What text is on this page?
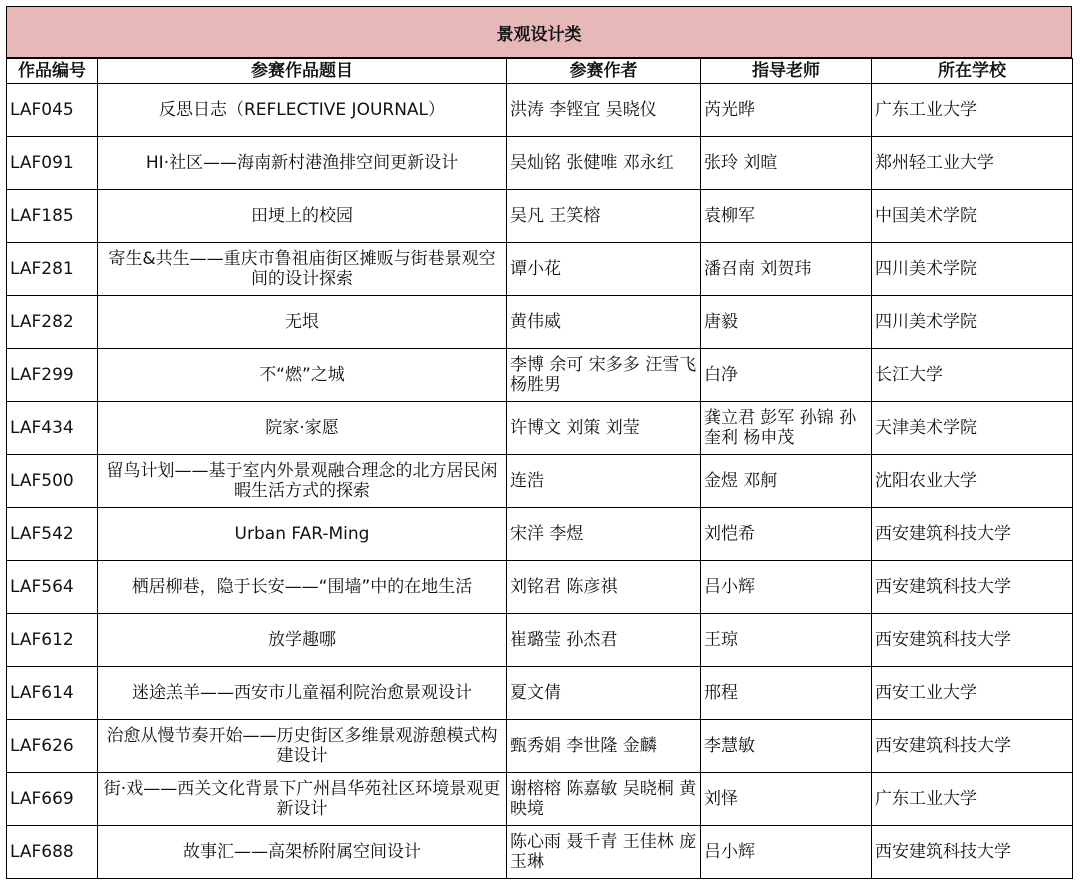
景观设计类
作品编号	参赛作品题目	参赛作者	指导老师	所在学校
LAF045	反思日志（REFLECTIVE JOURNAL）	洪涛 李铿宜 吴晓仪	芮光晔	广东工业大学
LAF091	HI·社区——海南新村港渔排空间更新设计	吴灿铭 张健唯 邓永红	张玲 刘暄	郑州轻工业大学
LAF185	田埂上的校园	吴凡 王笑榕	袁柳军	中国美术学院
LAF281	寄生&共生——重庆市鲁祖庙街区摊贩与街巷景观空间的设计探索	谭小花	潘召南 刘贺玮	四川美术学院
LAF282	无垠	黄伟威	唐毅	四川美术学院
LAF299	不“燃”之城	李博 余可 宋多多 汪雪飞 杨胜男	白净	长江大学
LAF434	院家·家愿	许博文 刘策 刘莹	龚立君 彭军 孙锦 孙奎利 杨申茂	天津美术学院
LAF500	留鸟计划——基于室内外景观融合理念的北方居民闲暇生活方式的探索	连浩	金煜 邓舸	沈阳农业大学
LAF542	Urban FAR-Ming	宋洋 李煜	刘恺希	西安建筑科技大学
LAF564	栖居柳巷，隐于长安——“围墙”中的在地生活	刘铭君 陈彦祺	吕小辉	西安建筑科技大学
LAF612	放学趣哪	崔璐莹 孙杰君	王琼	西安建筑科技大学
LAF614	迷途羔羊——西安市儿童福利院治愈景观设计	夏文倩	邢程	西安工业大学
LAF626	治愈从慢节奏开始——历史街区多维景观游憩模式构建设计	甄秀娟 李世隆 金麟	李慧敏	西安建筑科技大学
LAF669	街·戏——西关文化背景下广州昌华苑社区环境景观更新设计	谢榕榕 陈嘉敏 吴晓桐 黄映境	刘怿	广东工业大学
LAF688	故事汇——高架桥附属空间设计	陈心雨 聂千青 王佳林 庞玉琳	吕小辉	西安建筑科技大学
